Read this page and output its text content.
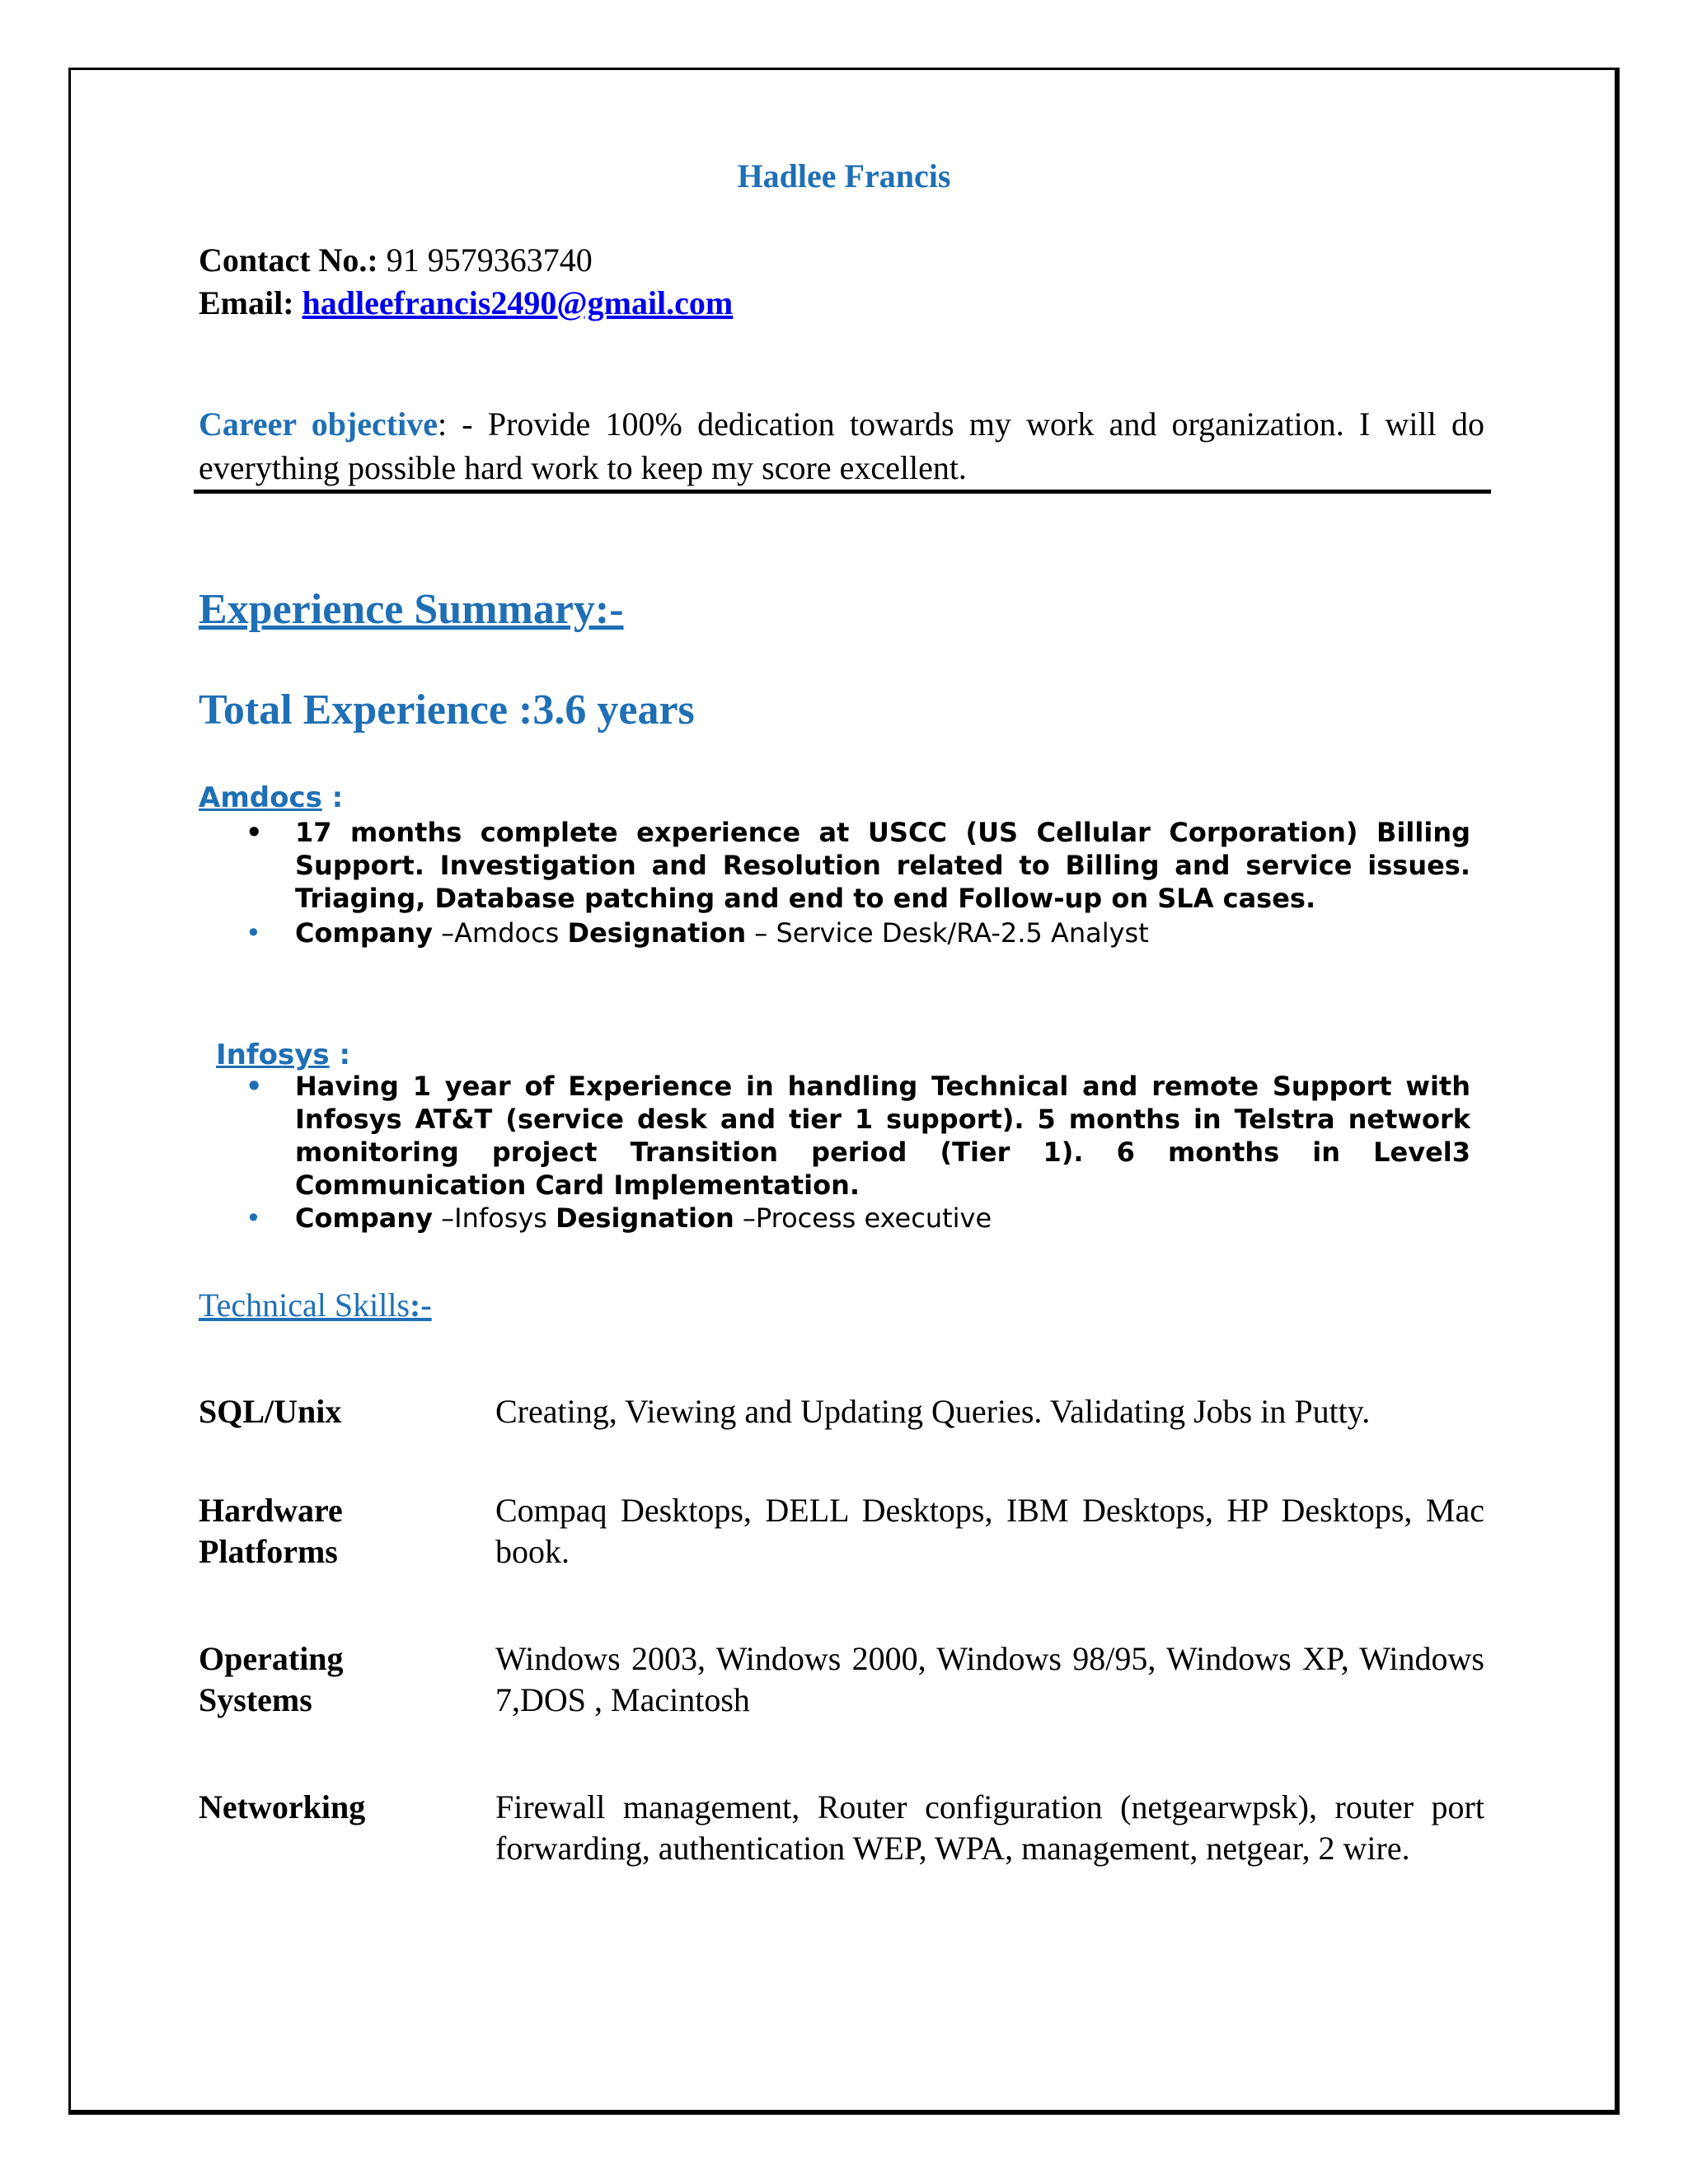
Hadlee Francis
Contact No.: 91 9579363740
Email: hadleefrancis2490@gmail.com
Career objective: - Provide 100% dedication towards my work and organization. I will do everything possible hard work to keep my score excellent.
Experience Summary:-
Total Experience :3.6 years
Amdocs :
• 17 months complete experience at USCC (US Cellular Corporation) Billing Support. Investigation and Resolution related to Billing and service issues. Triaging, Database patching and end to end Follow-up on SLA cases.
• Company –Amdocs Designation – Service Desk/RA-2.5 Analyst
Infosys :
• Having 1 year of Experience in handling Technical and remote Support with Infosys AT&T (service desk and tier 1 support). 5 months in Telstra network monitoring project Transition period (Tier 1). 6 months in Level3 Communication Card Implementation.
• Company –Infosys Designation –Process executive
Technical Skills:-
SQL/Unix	Creating, Viewing and Updating Queries. Validating Jobs in Putty.
Hardware Platforms
Compaq Desktops, DELL Desktops, IBM Desktops, HP Desktops, Mac book.
Operating Systems
Windows 2003, Windows 2000, Windows 98/95, Windows XP, Windows 7,DOS , Macintosh
Networking	Firewall management, Router configuration (netgearwpsk), router port forwarding, authentication WEP, WPA, management, netgear, 2 wire.
